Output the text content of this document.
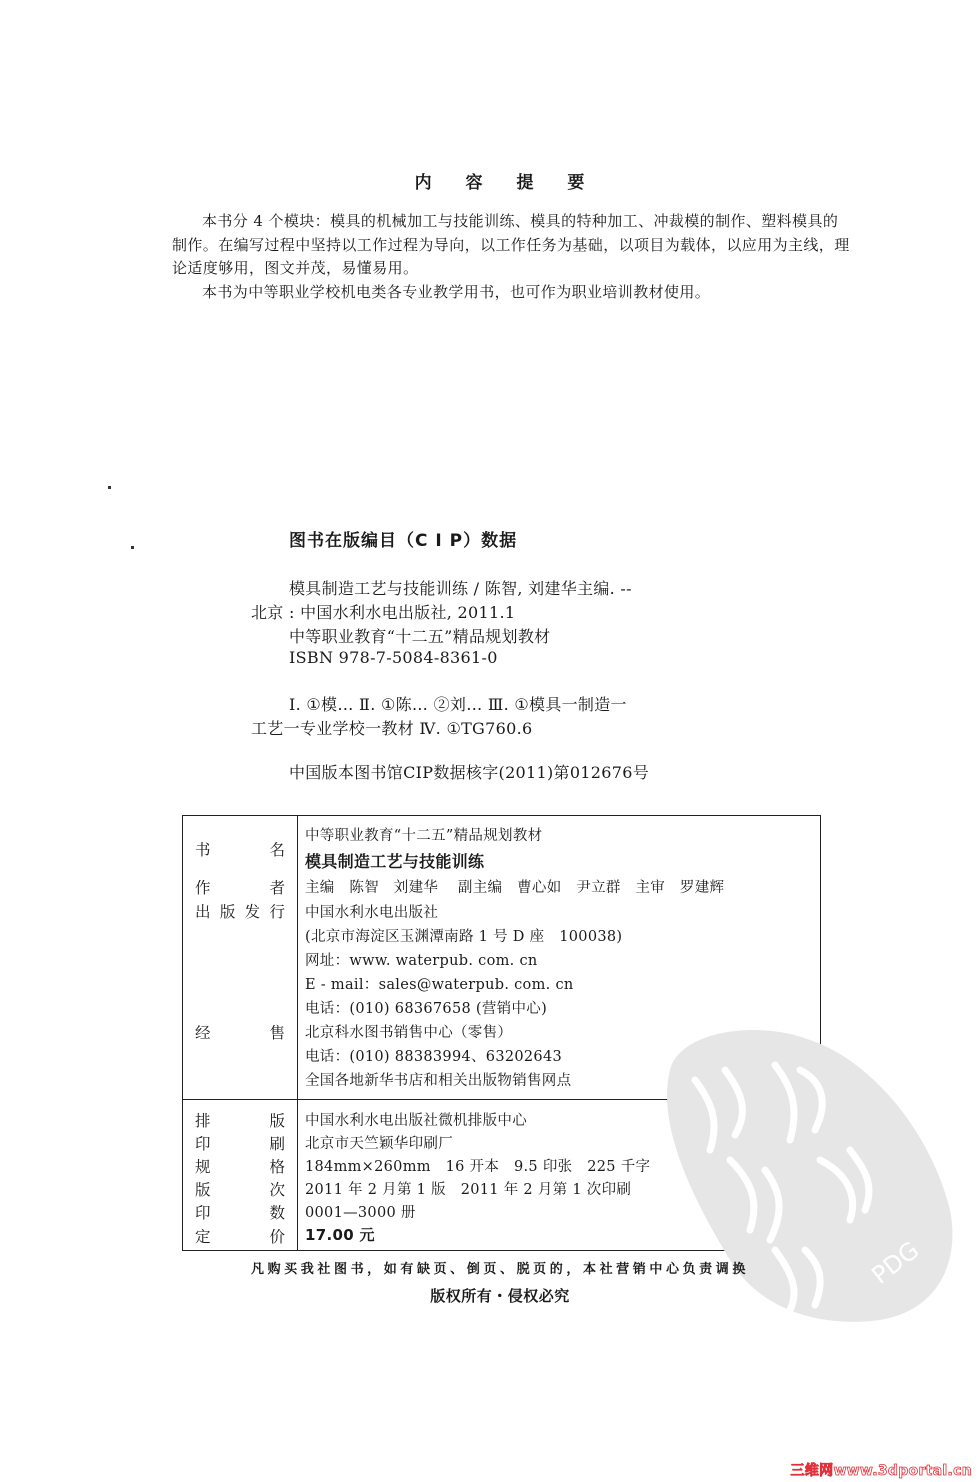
内 容 提 要
本书分 4 个模块：模具的机械加工与技能训练、模具的特种加工、冲裁模的制作、塑料模具的制作。在编写过程中坚持以工作过程为导向，以工作任务为基础，以项目为载体，以应用为主线，理论适度够用，图文并茂，易懂易用。
本书为中等职业学校机电类各专业教学用书，也可作为职业培训教材使用。
图书在版编目（C I P）数据
模具制造工艺与技能训练 / 陈智, 刘建华主编. --
北京 : 中国水利水电出版社, 2011.1
中等职业教育“十二五”精品规划教材
ISBN 978-7-5084-8361-0
Ⅰ. ①模… Ⅱ. ①陈… ②刘… Ⅲ. ①模具一制造一
工艺一专业学校一教材 Ⅳ. ①TG760.6
中国版本图书馆CIP数据核字(2011)第012676号
书	名
中等职业教育“十二五”精品规划教材
模具制造工艺与技能训练
作	者 主编　陈智　刘建华　 副主编　曹心如　尹立群　主审　罗建辉
出 版 发 行 中国水利水电出版社
(北京市海淀区玉渊潭南路 1 号 D 座　100038)
网址：www. waterpub. com. cn
E - mail：sales@waterpub. com. cn
电话：(010) 68367658 (营销中心)
经	售 北京科水图书销售中心（零售）
电话：(010) 88383994、63202643
全国各地新华书店和相关出版物销售网点
排	版 中国水利水电出版社微机排版中心
印	刷 北京市天竺颖华印刷厂
规	格 184mm×260mm　16 开本　9.5 印张　225 千字
版	次 2011 年 2 月第 1 版　2011 年 2 月第 1 次印刷
印	数 0001—3000 册
定	价 17.00 元
PDG
凡购买我社图书，如有缺页、倒页、脱页的，本社营销中心负责调换
版权所有・侵权必究
三维网www.3dportal.cn
